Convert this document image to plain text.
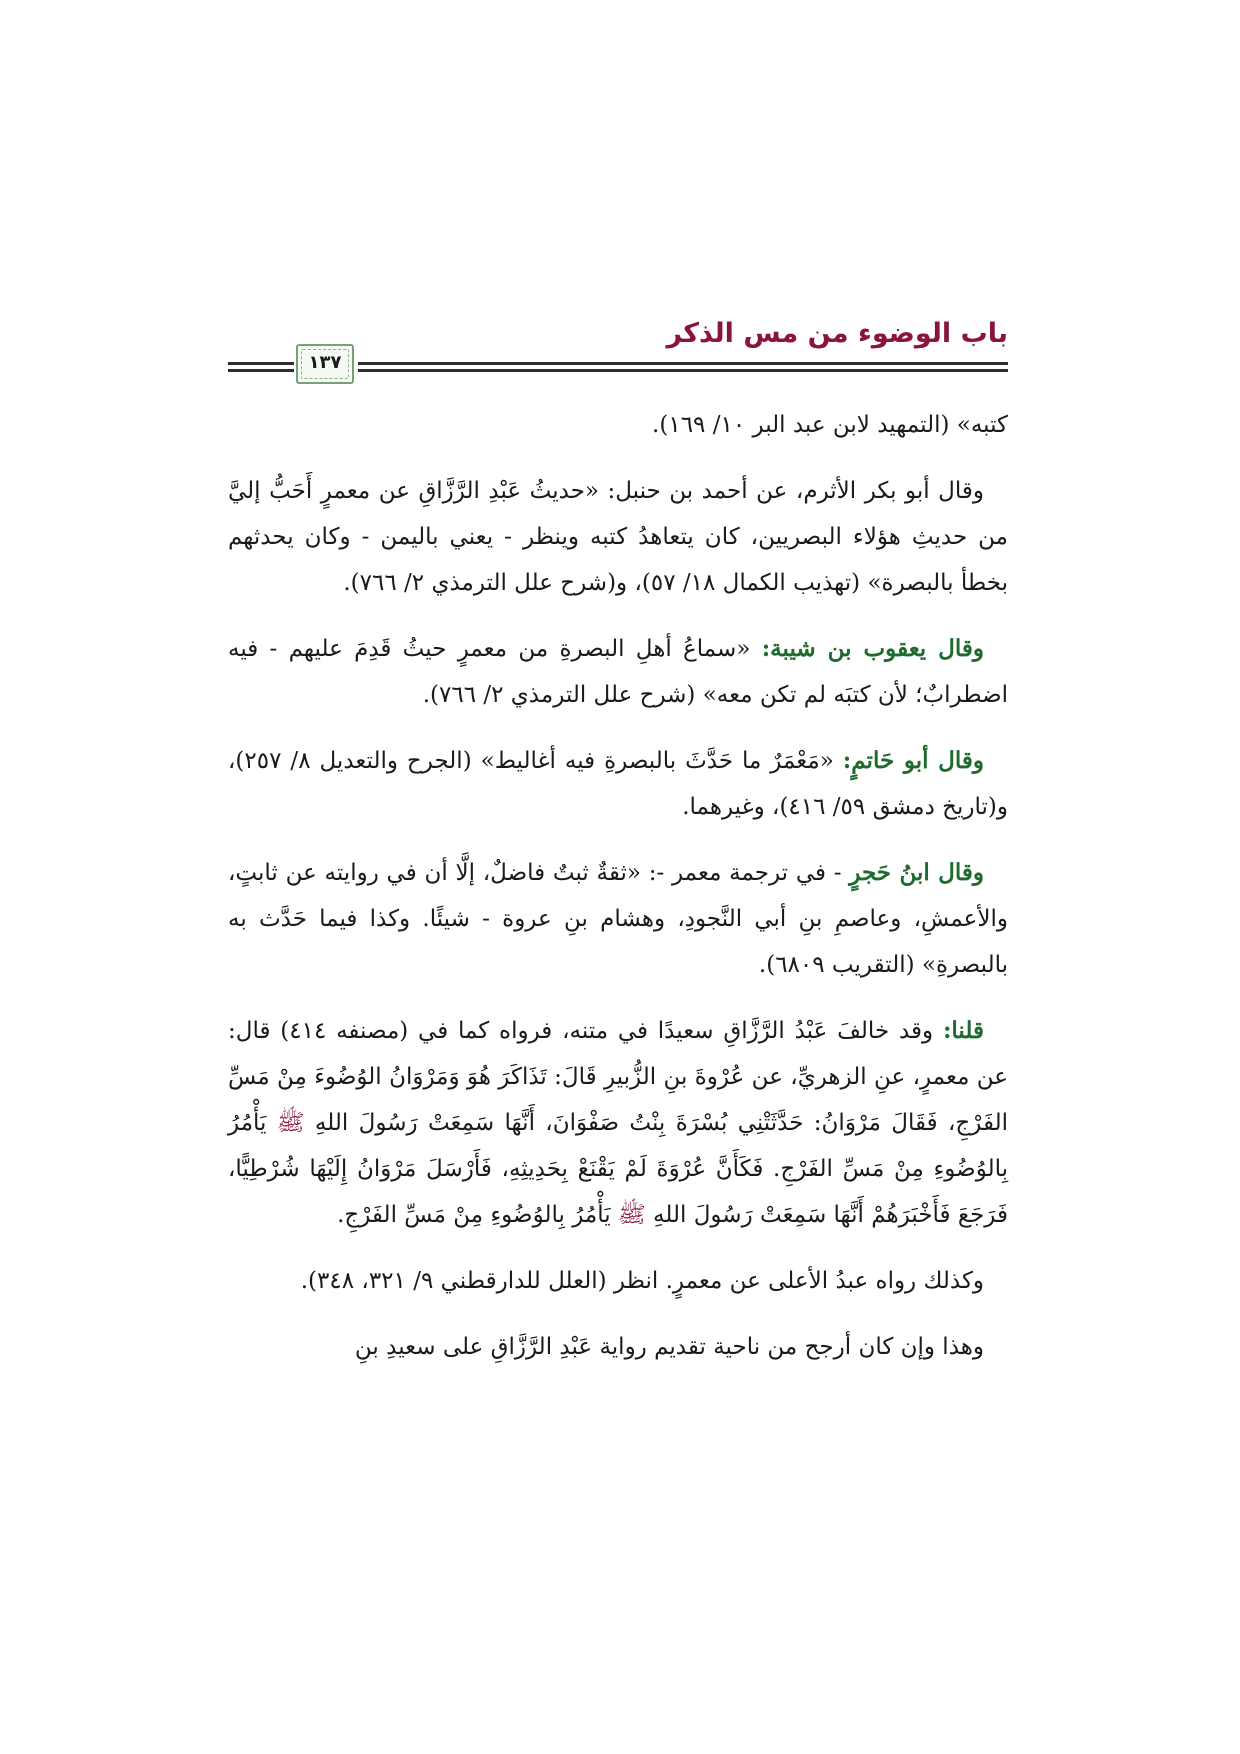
١٣٧
باب الوضوء من مس الذكر

كتبه» (التمهيد لابن عبد البر ١٠/ ١٦٩).

وقال أبو بكر الأثرم، عن أحمد بن حنبل: «حديثُ عَبْدِ الرَّزَّاقِ عن معمرٍ أَحَبُّ إليَّ من حديثِ هؤلاء البصريين، كان يتعاهدُ كتبه وينظر - يعني باليمن - وكان يحدثهم بخطأ بالبصرة» (تهذيب الكمال ١٨/ ٥٧)، و(شرح علل الترمذي ٢/ ٧٦٦).

وقال يعقوب بن شيبة: «سماعُ أهلِ البصرةِ من معمرٍ حيثُ قَدِمَ عليهم - فيه اضطرابٌ؛ لأن كتبَه لم تكن معه» (شرح علل الترمذي ٢/ ٧٦٦).

وقال أبو حَاتمٍ: «مَعْمَرٌ ما حَدَّثَ بالبصرةِ فيه أغاليط» (الجرح والتعديل ٨/ ٢٥٧)، و(تاريخ دمشق ٥٩/ ٤١٦)، وغيرهما.

وقال ابنُ حَجرٍ - في ترجمة معمر -: «ثقةٌ ثبتٌ فاضلٌ، إلَّا أن في روايته عن ثابتٍ، والأعمشِ، وعاصمِ بنِ أبي النَّجودِ، وهشام بنِ عروة - شيئًا. وكذا فيما حَدَّث به بالبصرةِ» (التقريب ٦٨٠٩).

قلنا: وقد خالفَ عَبْدُ الرَّزَّاقِ سعيدًا في متنه، فرواه كما في (مصنفه ٤١٤) قال: عن معمرٍ، عنِ الزهريِّ، عن عُرْوةَ بنِ الزُّبيرِ قَالَ: تَذَاكَرَ هُوَ وَمَرْوَانُ الوُضُوءَ مِنْ مَسِّ الفَرْجِ، فَقَالَ مَرْوَانُ: حَدَّثَتْنِي بُسْرَةَ بِنْتُ صَفْوَانَ، أَنَّهَا سَمِعَتْ رَسُولَ اللهِ ﷺ يَأْمُرُ بِالوُضُوءِ مِنْ مَسِّ الفَرْجِ. فَكَأَنَّ عُرْوَةَ لَمْ يَقْنَعْ بِحَدِيثِهِ، فَأَرْسَلَ مَرْوَانُ إِلَيْهَا شُرْطِيًّا، فَرَجَعَ فَأَخْبَرَهُمْ أَنَّهَا سَمِعَتْ رَسُولَ اللهِ ﷺ يَأْمُرُ بِالوُضُوءِ مِنْ مَسِّ الفَرْجِ.

وكذلك رواه عبدُ الأعلى عن معمرٍ. انظر (العلل للدارقطني ٩/ ٣٢١، ٣٤٨).

وهذا وإن كان أرجح من ناحية تقديم رواية عَبْدِ الرَّزَّاقِ على سعيدِ بنِ
